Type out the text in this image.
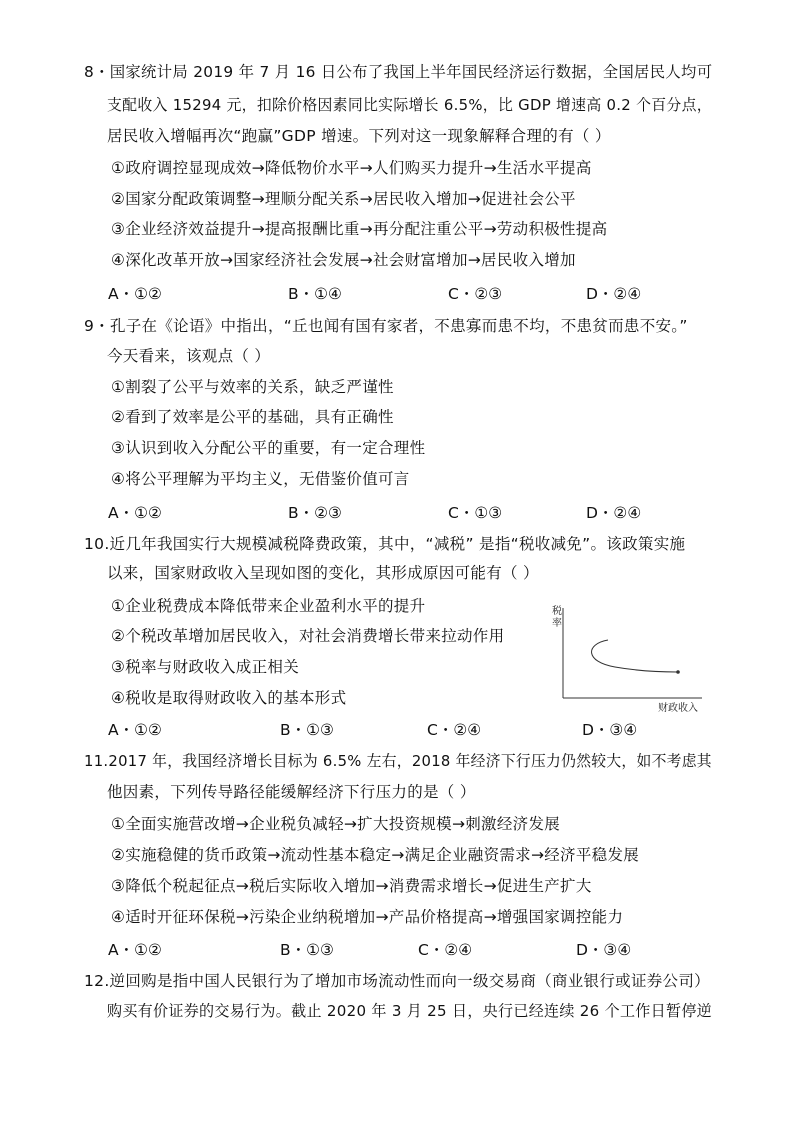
8・国家统计局 2019 年 7 月 16 日公布了我国上半年国民经济运行数据，全国居民人均可
支配收入 15294 元，扣除价格因素同比实际增长 6.5%，比 GDP 增速高 0.2 个百分点，
居民收入增幅再次“跑赢”GDP 增速。下列对这一现象解释合理的有（ ）
①政府调控显现成效→降低物价水平→人们购买力提升→生活水平提高
②国家分配政策调整→理顺分配关系→居民收入增加→促进社会公平
③企业经济效益提升→提高报酬比重→再分配注重公平→劳动积极性提高
④深化改革开放→国家经济社会发展→社会财富增加→居民收入增加
A・①②	B・①④	C・②③	D・②④
9・孔子在《论语》中指出，“丘也闻有国有家者，不患寡而患不均，不患贫而患不安。”
今天看来，该观点（ ）
①割裂了公平与效率的关系，缺乏严谨性
②看到了效率是公平的基础，具有正确性
③认识到收入分配公平的重要，有一定合理性
④将公平理解为平均主义，无借鉴价值可言
A・①②	B・②③	C・①③	D・②④
10.近几年我国实行大规模减税降费政策，其中，“减税” 是指“税收减免”。该政策实施
以来，国家财政收入呈现如图的变化，其形成原因可能有（ ）
①企业税费成本降低带来企业盈利水平的提升
②个税改革增加居民收入，对社会消费增长带来拉动作用
③税率与财政收入成正相关
④税收是取得财政收入的基本形式
A・①②	B・①③	C・②④	D・③④
税
率
财政收入
11.2017 年，我国经济增长目标为 6.5% 左右，2018 年经济下行压力仍然较大，如不考虑其
他因素，下列传导路径能缓解经济下行压力的是（ ）
①全面实施营改增→企业税负减轻→扩大投资规模→刺激经济发展
②实施稳健的货币政策→流动性基本稳定→满足企业融资需求→经济平稳发展
③降低个税起征点→税后实际收入增加→消费需求增长→促进生产扩大
④适时开征环保税→污染企业纳税增加→产品价格提高→增强国家调控能力
A・①②	B・①③	C・②④	D・③④
12.逆回购是指中国人民银行为了增加市场流动性而向一级交易商（商业银行或证券公司）
购买有价证券的交易行为。截止 2020 年 3 月 25 日，央行已经连续 26 个工作日暂停逆
